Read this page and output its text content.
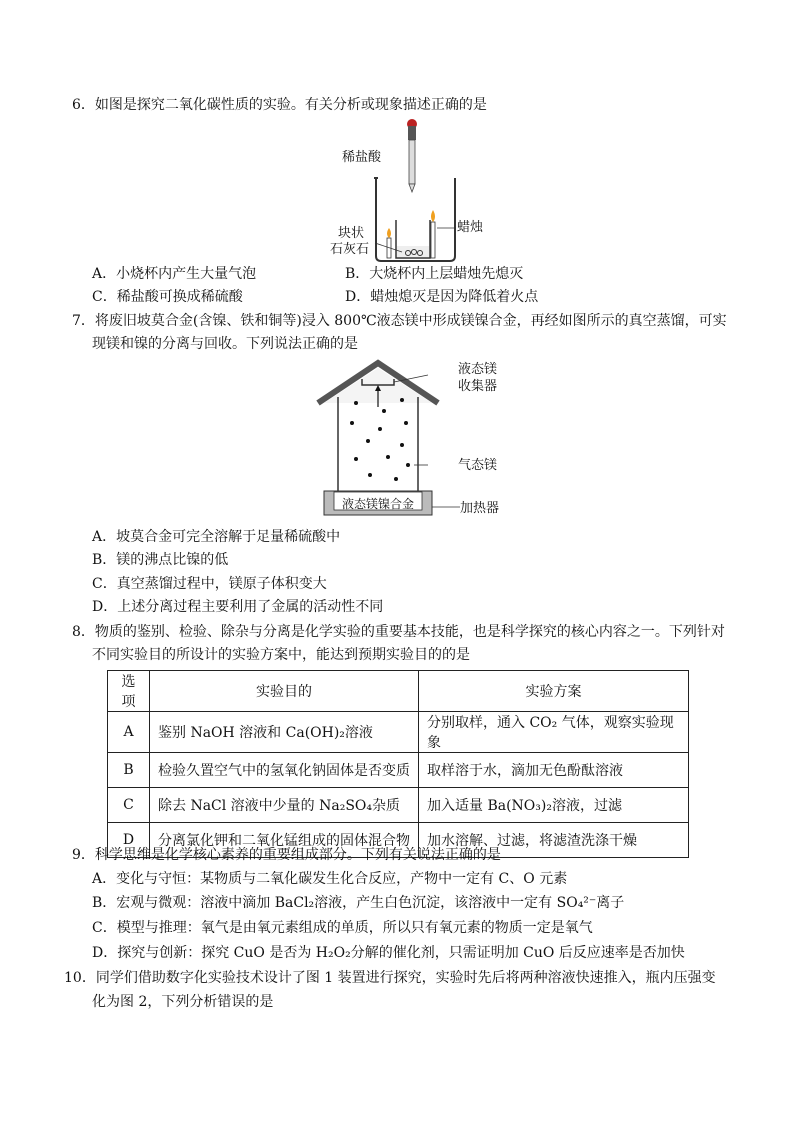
6．如图是探究二氧化碳性质的实验。有关分析或现象描述正确的是
稀盐酸
蜡烛
块状
石灰石
A．小烧杯内产生大量气泡	B．大烧杯内上层蜡烛先熄灭
C．稀盐酸可换成稀硫酸	D．蜡烛熄灭是因为降低着火点
7．将废旧坡莫合金(含镍、铁和铜等)浸入 800℃液态镁中形成镁镍合金，再经如图所示的真空蒸馏，可实
现镁和镍的分离与回收。下列说法正确的是
液态镁
收集器
气态镁
液态镁镍合金	加热器
A．坡莫合金可完全溶解于足量稀硫酸中
B．镁的沸点比镍的低
C．真空蒸馏过程中，镁原子体积变大
D．上述分离过程主要利用了金属的活动性不同
8．物质的鉴别、检验、除杂与分离是化学实验的重要基本技能，也是科学探究的核心内容之一。下列针对
不同实验目的所设计的实验方案中，能达到预期实验目的的是
选项	实验目的	实验方案
A	鉴别 NaOH 溶液和 Ca(OH)₂溶液	分别取样，通入 CO₂ 气体，观察实验现象
B	检验久置空气中的氢氧化钠固体是否变质	取样溶于水，滴加无色酚酞溶液
C	除去 NaCl 溶液中少量的 Na₂SO₄杂质	加入适量 Ba(NO₃)₂溶液，过滤
D	分离氯化钾和二氧化锰组成的固体混合物	加水溶解、过滤，将滤渣洗涤干燥
9．科学思维是化学核心素养的重要组成部分。下列有关说法正确的是
A．变化与守恒：某物质与二氧化碳发生化合反应，产物中一定有 C、O 元素
B．宏观与微观：溶液中滴加 BaCl₂溶液，产生白色沉淀，该溶液中一定有 SO₄²⁻离子
C．模型与推理：氧气是由氧元素组成的单质，所以只有氧元素的物质一定是氧气
D．探究与创新：探究 CuO 是否为 H₂O₂分解的催化剂，只需证明加 CuO 后反应速率是否加快
10．同学们借助数字化实验技术设计了图 1 装置进行探究，实验时先后将两种溶液快速推入，瓶内压强变
化为图 2，下列分析错误的是
